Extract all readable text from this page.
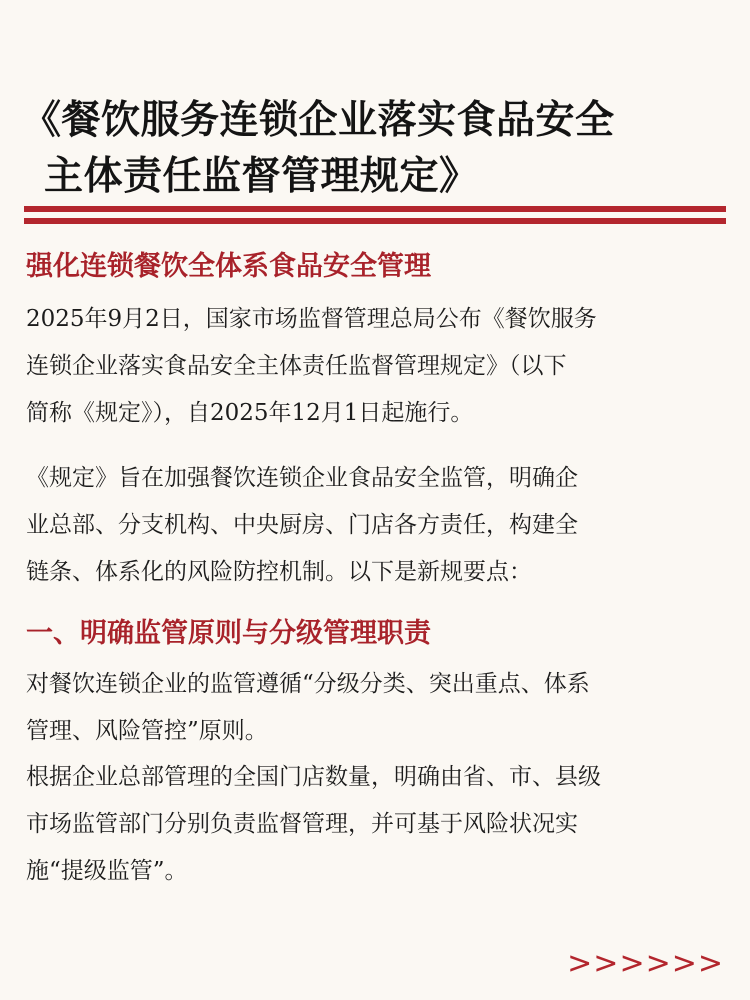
《餐饮服务连锁企业落实食品安全
主体责任监督管理规定》
强化连锁餐饮全体系食品安全管理

2025年9月2日，国家市场监督管理总局公布《餐饮服务
连锁企业落实食品安全主体责任监督管理规定》（以下
简称《规定》），自2025年12月1日起施行。

《规定》旨在加强餐饮连锁企业食品安全监管，明确企
业总部、分支机构、中央厨房、门店各方责任，构建全
链条、体系化的风险防控机制。以下是新规要点：

一、明确监管原则与分级管理职责

对餐饮连锁企业的监管遵循“分级分类、突出重点、体系
管理、风险管控”原则。

根据企业总部管理的全国门店数量，明确由省、市、县级
市场监管部门分别负责监督管理，并可基于风险状况实
施“提级监管”。

> > > > > >
